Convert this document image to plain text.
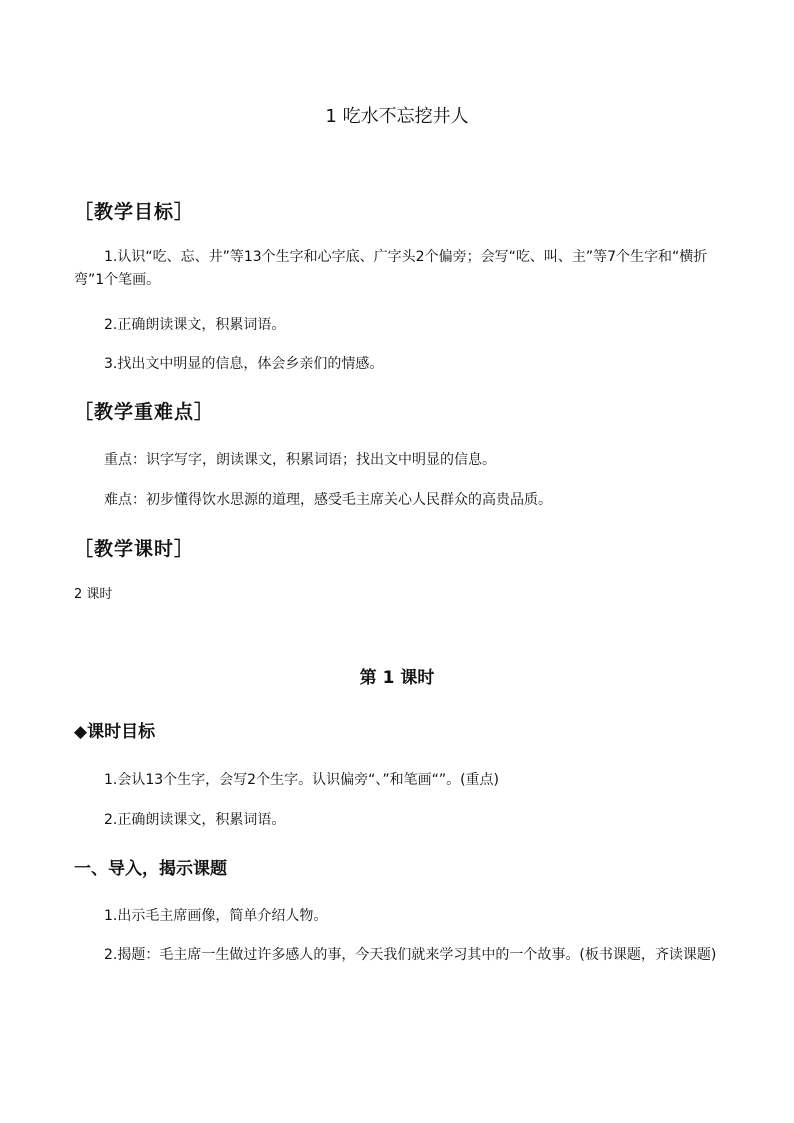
1 吃水不忘挖井人
［教学目标］
1.认识“吃、忘、井”等13个生字和心字底、广字头2个偏旁；会写“吃、叫、主”等7个生字和“横折弯”1个笔画。
2.正确朗读课文，积累词语。
3.找出文中明显的信息，体会乡亲们的情感。
［教学重难点］
重点：识字写字，朗读课文，积累词语；找出文中明显的信息。
难点：初步懂得饮水思源的道理，感受毛主席关心人民群众的高贵品质。
［教学课时］
2 课时
第 1 课时
◆课时目标
1.会认13个生字，会写2个生字。认识偏旁“、”和笔画“”。(重点)
2.正确朗读课文，积累词语。
一、导入，揭示课题
1.出示毛主席画像，简单介绍人物。
2.揭题：毛主席一生做过许多感人的事，今天我们就来学习其中的一个故事。(板书课题，齐读课题)
